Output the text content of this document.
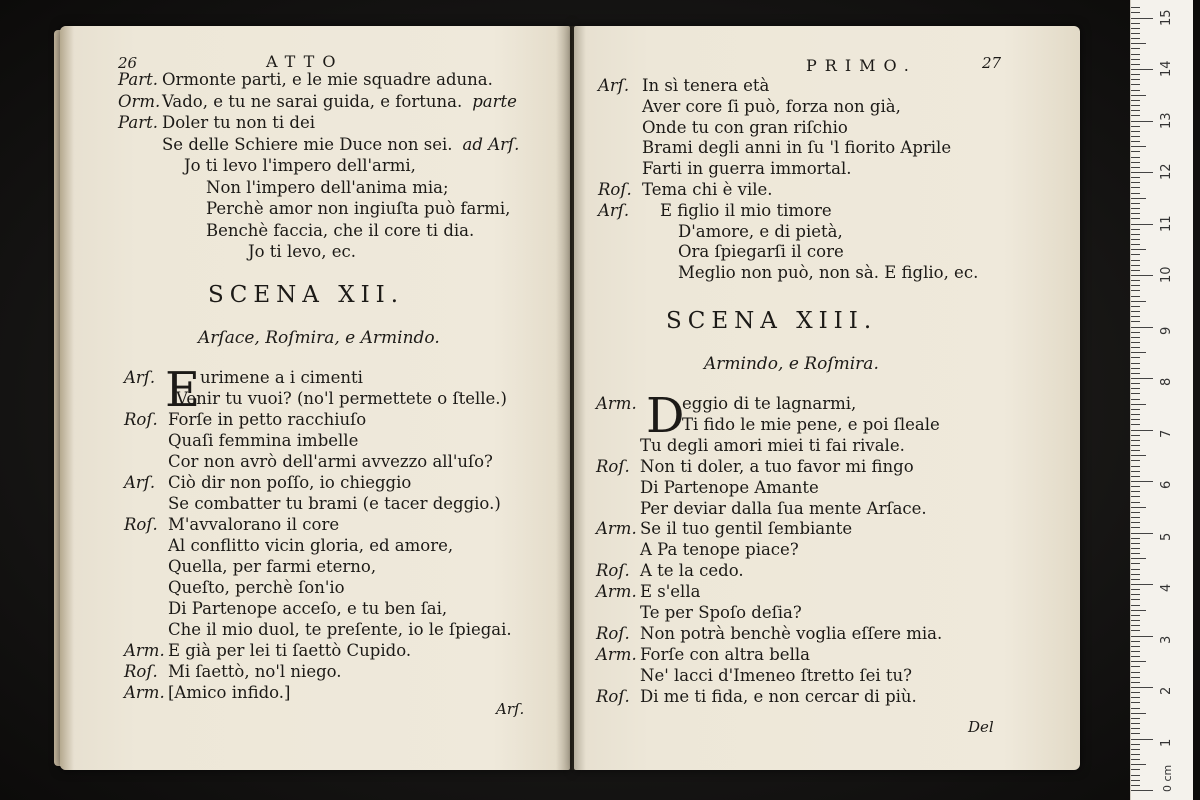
26	ATTO
Part. Ormonte parti, e le mie squadre aduna.
Orm. Vado, e tu ne sarai guida, e fortuna. parte
Part. Doler tu non ti dei
Se delle Schiere mie Duce non sei. ad Arſ.
Jo ti levo l'impero dell'armi,
Non l'impero dell'anima mia;
Perchè amor non ingiuſta può farmi,
Benchè faccia, che il core ti dia.
Jo ti levo, ec.
SCENA XII.
Arſace, Roſmira, e Armindo.
E
Arſ.	urimene a i cimenti
Venir tu vuoi? (no'l permettete o ſtelle.)
Roſ. Forſe in petto racchiuſo
Quaſi femmina imbelle
Cor non avrò dell'armi avvezzo all'uſo?
Arſ. Ciò dir non poſſo, io chieggio
Se combatter tu brami (e tacer deggio.)
Roſ. M'avvalorano il core
Al conflitto vicin gloria, ed amore,
Quella, per farmi eterno,
Queſto, perchè ſon'io
Di Partenope acceſo, e tu ben ſai,
Che il mio duol, te preſente, io le ſpiegai.
Arm. E già per lei ti ſaettò Cupido.
Roſ. Mi ſaettò, no'l niego.
Arm. [Amico infido.]
Arſ.
PRIMO.	27
Arſ. In sì tenera età
Aver core ſi può, forza non già,
Onde tu con gran riſchio
Brami degli anni in ſu 'l fiorito Aprile
Farti in guerra immortal.
Roſ. Tema chi è vile.
Arſ. E figlio il mio timore
D'amore, e di pietà,
Ora ſpiegarſi il core
Meglio non può, non sà. E figlio, ec.
SCENA XIII.
Armindo, e Roſmira.
D
Arm.	eggio di te lagnarmi,
Ti fido le mie pene, e poi ſleale
Tu degli amori miei ti fai rivale.
Roſ. Non ti doler, a tuo favor mi fingo
Di Partenope Amante
Per deviar dalla ſua mente Arſace.
Arm. Se il tuo gentil ſembiante
A Pa tenope piace?
Roſ. A te la cedo.
Arm. E s'ella
Te per Spoſo deſia?
Roſ. Non potrà benchè voglia eſſere mia.
Arm. Forſe con altra bella
Ne' lacci d'Imeneo ſtretto ſei tu?
Roſ. Di me ti fida, e non cercar di più.
Del
1
2
3
4
5
6
7
8
9
10
11
12
13
14
15
0 cm
